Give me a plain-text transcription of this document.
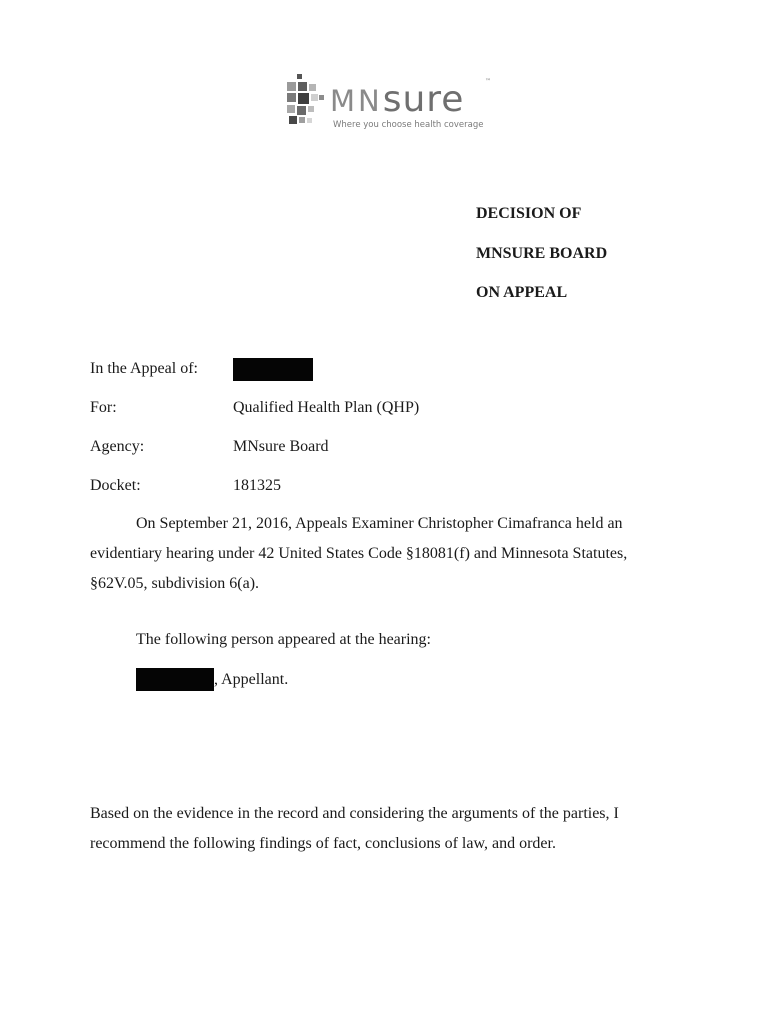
MNsure	™
Where you choose health coverage
DECISION OF
MNSURE BOARD
ON APPEAL
In the Appeal of:
For:	Qualified Health Plan (QHP)
Agency:	MNsure Board
Docket:	181325
On September 21, 2016, Appeals Examiner Christopher Cimafranca held an
evidentiary hearing under 42 United States Code §18081(f) and Minnesota Statutes,
§62V.05, subdivision 6(a).
The following person appeared at the hearing:
, Appellant.
Based on the evidence in the record and considering the arguments of the parties, I
recommend the following findings of fact, conclusions of law, and order.
